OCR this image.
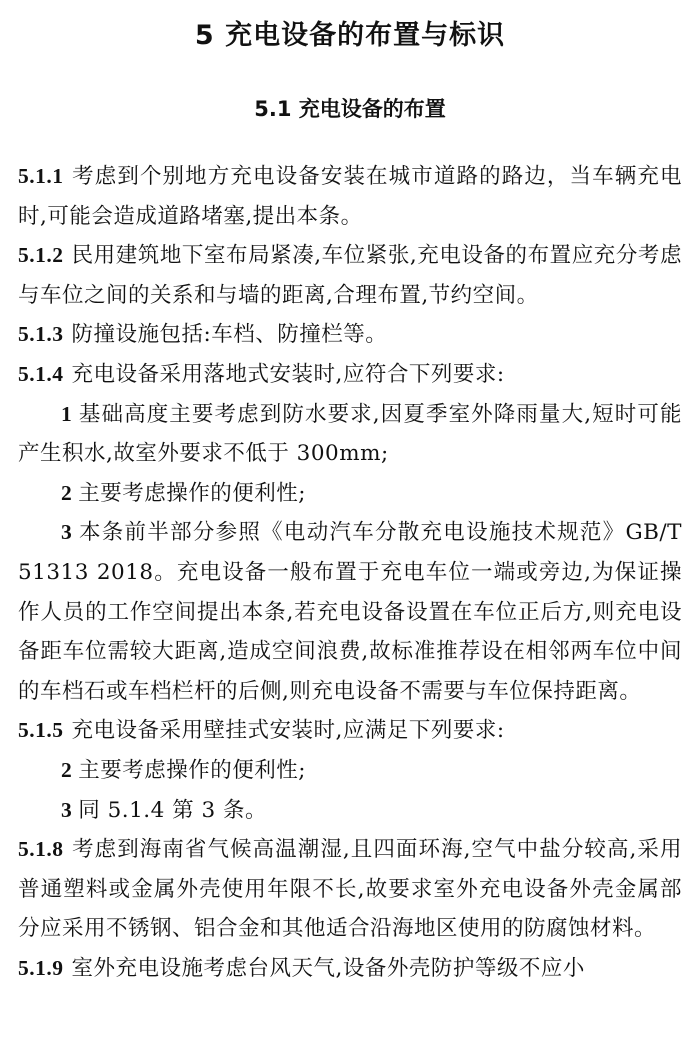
5 充电设备的布置与标识
5.1 充电设备的布置

5.1.1 考虑到个别地方充电设备安装在城市道路的路边，当车辆充电时,可能会造成道路堵塞,提出本条。

5.1.2 民用建筑地下室布局紧凑,车位紧张,充电设备的布置应充分考虑与车位之间的关系和与墙的距离,合理布置,节约空间。

5.1.3 防撞设施包括:车档、防撞栏等。

5.1.4 充电设备采用落地式安装时,应符合下列要求:

1 基础高度主要考虑到防水要求,因夏季室外降雨量大,短时可能产生积水,故室外要求不低于 300mm;

2 主要考虑操作的便利性;

3 本条前半部分参照《电动汽车分散充电设施技术规范》GB/T 51313 2018。充电设备一般布置于充电车位一端或旁边,为保证操作人员的工作空间提出本条,若充电设备设置在车位正后方,则充电设备距车位需较大距离,造成空间浪费,故标准推荐设在相邻两车位中间的车档石或车档栏杆的后侧,则充电设备不需要与车位保持距离。

5.1.5 充电设备采用壁挂式安装时,应满足下列要求:

2 主要考虑操作的便利性;

3 同 5.1.4 第 3 条。

5.1.8 考虑到海南省气候高温潮湿,且四面环海,空气中盐分较高,采用普通塑料或金属外壳使用年限不长,故要求室外充电设备外壳金属部分应采用不锈钢、铝合金和其他适合沿海地区使用的防腐蚀材料。

5.1.9 室外充电设施考虑台风天气,设备外壳防护等级不应小
